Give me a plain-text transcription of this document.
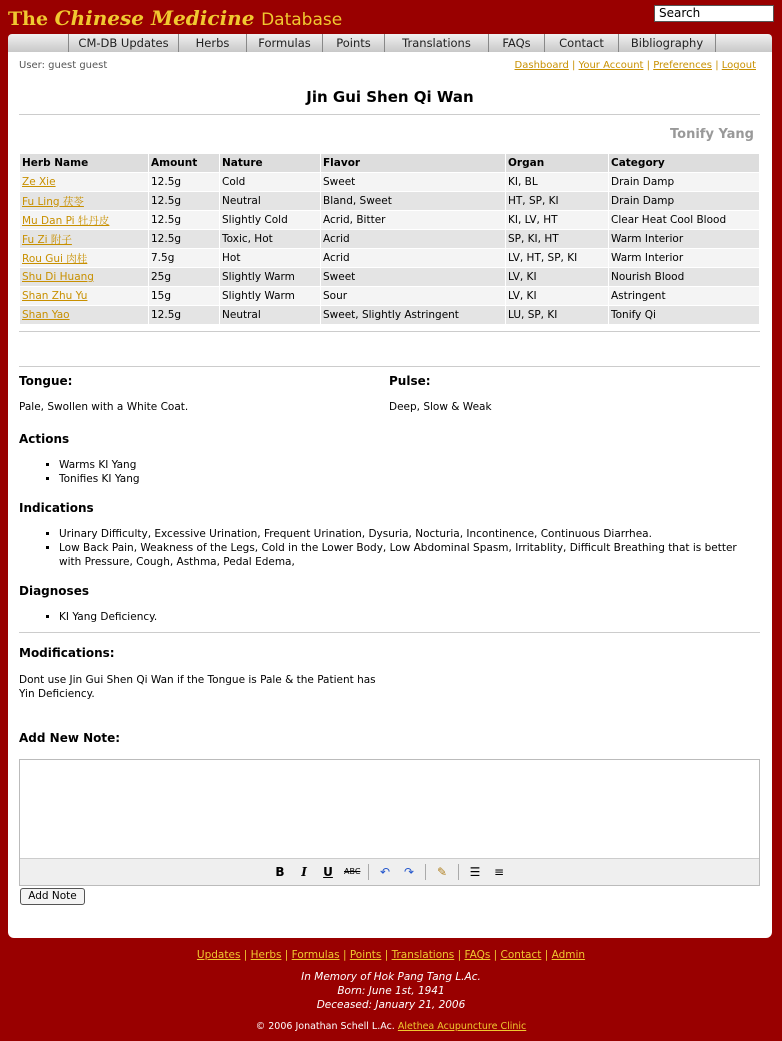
The Chinese Medicine Database	Search
CM-DB Updates	Herbs	Formulas	Points	Translations	FAQs	Contact	Bibliography
User: guest guest	Dashboard | Your Account | Preferences | Logout
Jin Gui Shen Qi Wan
Tonify Yang
Herb Name	Amount	Nature	Flavor	Organ	Category
Ze Xie	12.5g	Cold	Sweet	KI, BL	Drain Damp
Fu Ling 茯苓	12.5g	Neutral	Bland, Sweet	HT, SP, KI	Drain Damp
Mu Dan Pi 牡丹皮	12.5g	Slightly Cold	Acrid, Bitter	KI, LV, HT	Clear Heat Cool Blood
Fu Zi 附子	12.5g	Toxic, Hot	Acrid	SP, KI, HT	Warm Interior
Rou Gui 肉桂	7.5g	Hot	Acrid	LV, HT, SP, KI	Warm Interior
Shu Di Huang	25g	Slightly Warm	Sweet	LV, KI	Nourish Blood
Shan Zhu Yu	15g	Slightly Warm	Sour	LV, KI	Astringent
Shan Yao	12.5g	Neutral	Sweet, Slightly Astringent	LU, SP, KI	Tonify Qi
Tongue:
Pale, Swollen with a White Coat.
Pulse:
Deep, Slow & Weak
Actions
▪ Warms KI Yang
▪ Tonifies KI Yang
Indications
▪ Urinary Difficulty, Excessive Urination, Frequent Urination, Dysuria, Nocturia, Incontinence, Continuous Diarrhea.
▪ Low Back Pain, Weakness of the Legs, Cold in the Lower Body, Low Abdominal Spasm, Irritablity, Difficult Breathing that is better with Pressure, Cough, Asthma, Pedal Edema,
Diagnoses
▪ KI Yang Deficiency.
Modifications:
Dont use Jin Gui Shen Qi Wan if the Tongue is Pale & the Patient has Yin Deficiency.
Add New Note:
B	I	U	ABC ↶ ↷ ✎ ☰ ≡
Add Note
Updates | Herbs | Formulas | Points | Translations | FAQs | Contact | Admin
In Memory of Hok Pang Tang L.Ac.
Born: June 1st, 1941
Deceased: January 21, 2006
© 2006 Jonathan Schell L.Ac. Alethea Acupuncture Clinic
